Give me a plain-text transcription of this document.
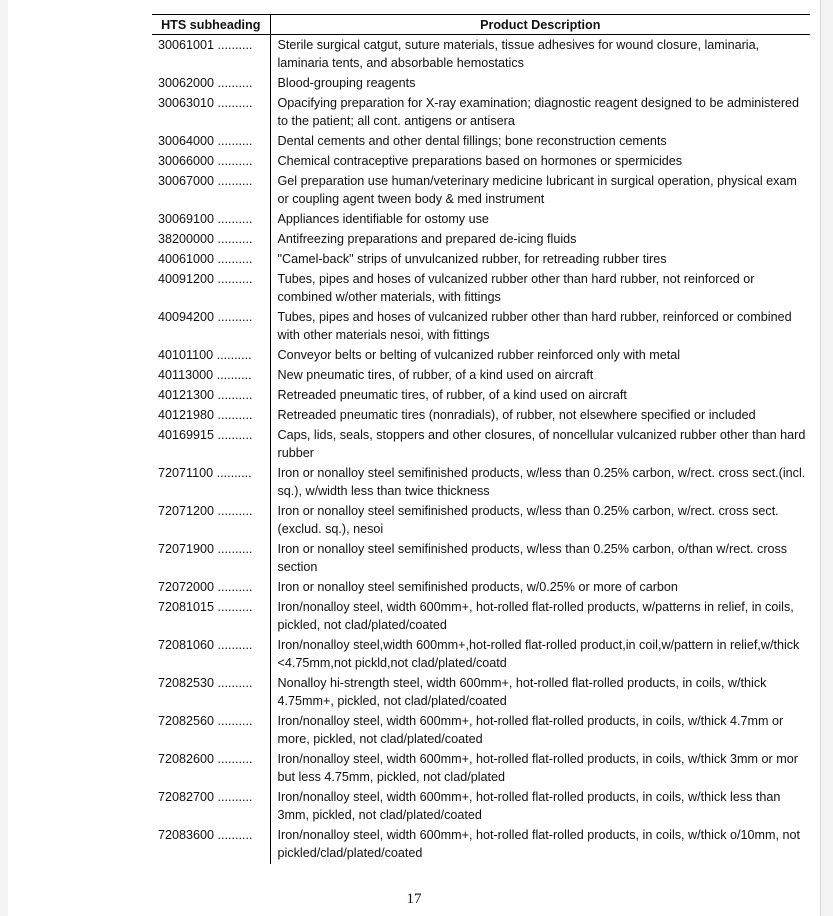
HTS subheading	Product Description
30061001 ..........	Sterile surgical catgut, suture materials, tissue adhesives for wound closure, laminaria, laminaria tents, and absorbable hemostatics
30062000 ..........	Blood-grouping reagents
30063010 ..........	Opacifying preparation for X-ray examination; diagnostic reagent designed to be administered to the patient; all cont. antigens or antisera
30064000 ..........	Dental cements and other dental fillings; bone reconstruction cements
30066000 ..........	Chemical contraceptive preparations based on hormones or spermicides
30067000 ..........	Gel preparation use human/veterinary medicine lubricant in surgical operation, physical exam or coupling agent tween body & med instrument
30069100 ..........	Appliances identifiable for ostomy use
38200000 ..........	Antifreezing preparations and prepared de-icing fluids
40061000 ..........	"Camel-back" strips of unvulcanized rubber, for retreading rubber tires
40091200 ..........	Tubes, pipes and hoses of vulcanized rubber other than hard rubber, not reinforced or combined w/other materials, with fittings
40094200 ..........	Tubes, pipes and hoses of vulcanized rubber other than hard rubber, reinforced or combined with other materials nesoi, with fittings
40101100 ..........	Conveyor belts or belting of vulcanized rubber reinforced only with metal
40113000 ..........	New pneumatic tires, of rubber, of a kind used on aircraft
40121300 ..........	Retreaded pneumatic tires, of rubber, of a kind used on aircraft
40121980 ..........	Retreaded pneumatic tires (nonradials), of rubber, not elsewhere specified or included
40169915 ..........	Caps, lids, seals, stoppers and other closures, of noncellular vulcanized rubber other than hard rubber
72071100 ..........	Iron or nonalloy steel semifinished products, w/less than 0.25% carbon, w/rect. cross sect.(incl. sq.), w/width less than twice thickness
72071200 ..........	Iron or nonalloy steel semifinished products, w/less than 0.25% carbon, w/rect. cross sect. (exclud. sq.), nesoi
72071900 ..........	Iron or nonalloy steel semifinished products, w/less than 0.25% carbon, o/than w/rect. cross section
72072000 ..........	Iron or nonalloy steel semifinished products, w/0.25% or more of carbon
72081015 ..........	Iron/nonalloy steel, width 600mm+, hot-rolled flat-rolled products, w/patterns in relief, in coils, pickled, not clad/plated/coated
72081060 ..........	Iron/nonalloy steel,width 600mm+,hot-rolled flat-rolled product,in coil,w/pattern in relief,w/thick <4.75mm,not pickld,not clad/plated/coatd
72082530 ..........	Nonalloy hi-strength steel, width 600mm+, hot-rolled flat-rolled products, in coils, w/thick 4.75mm+, pickled, not clad/plated/coated
72082560 ..........	Iron/nonalloy steel, width 600mm+, hot-rolled flat-rolled products, in coils, w/thick 4.7mm or more, pickled, not clad/plated/coated
72082600 ..........	Iron/nonalloy steel, width 600mm+, hot-rolled flat-rolled products, in coils, w/thick 3mm or mor but less 4.75mm, pickled, not clad/plated
72082700 ..........	Iron/nonalloy steel, width 600mm+, hot-rolled flat-rolled products, in coils, w/thick less than 3mm, pickled, not clad/plated/coated
72083600 ..........	Iron/nonalloy steel, width 600mm+, hot-rolled flat-rolled products, in coils, w/thick o/10mm, not pickled/clad/plated/coated
17
